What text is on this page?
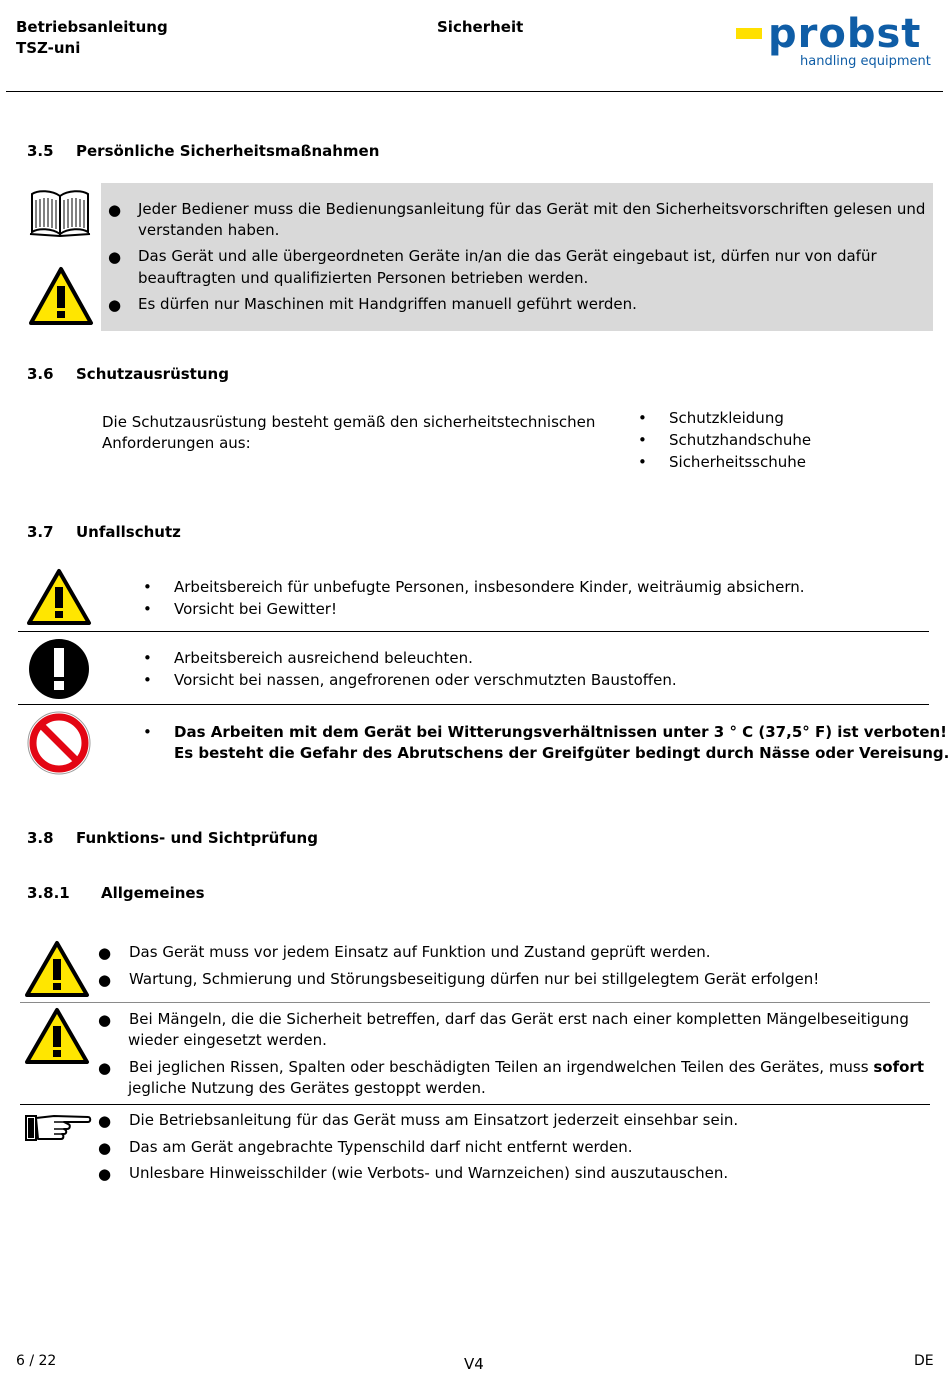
Betriebsanleitung
TSZ-uni
Sicherheit	probst
handling equipment
3.5 Persönliche Sicherheitsmaßnahmen
● Jeder Bediener muss die Bedienungsanleitung für das Gerät mit den Sicherheitsvorschriften gelesen und
verstanden haben.
● Das Gerät und alle übergeordneten Geräte in/an die das Gerät eingebaut ist, dürfen nur von dafür
beauftragten und qualifizierten Personen betrieben werden.
● Es dürfen nur Maschinen mit Handgriffen manuell geführt werden.
3.6 Schutzausrüstung
Die Schutzausrüstung besteht gemäß den sicherheitstechnischen
Anforderungen aus:
• Schutzkleidung
• Schutzhandschuhe
• Sicherheitsschuhe
3.7 Unfallschutz
• Arbeitsbereich für unbefugte Personen, insbesondere Kinder, weiträumig absichern.
• Vorsicht bei Gewitter!
• Arbeitsbereich ausreichend beleuchten.
• Vorsicht bei nassen, angefrorenen oder verschmutzten Baustoffen.
• Das Arbeiten mit dem Gerät bei Witterungsverhältnissen unter 3 ° C (37,5° F) ist verboten!
Es besteht die Gefahr des Abrutschens der Greifgüter bedingt durch Nässe oder Vereisung.
3.8 Funktions- und Sichtprüfung
3.8.1 Allgemeines
● Das Gerät muss vor jedem Einsatz auf Funktion und Zustand geprüft werden.
● Wartung, Schmierung und Störungsbeseitigung dürfen nur bei stillgelegtem Gerät erfolgen!
● Bei Mängeln, die die Sicherheit betreffen, darf das Gerät erst nach einer kompletten Mängelbeseitigung
wieder eingesetzt werden.
● Bei jeglichen Rissen, Spalten oder beschädigten Teilen an irgendwelchen Teilen des Gerätes, muss sofort
jegliche Nutzung des Gerätes gestoppt werden.
● Die Betriebsanleitung für das Gerät muss am Einsatzort jederzeit einsehbar sein.
● Das am Gerät angebrachte Typenschild darf nicht entfernt werden.
● Unlesbare Hinweisschilder (wie Verbots- und Warnzeichen) sind auszutauschen.
6 / 22	V4	DE
